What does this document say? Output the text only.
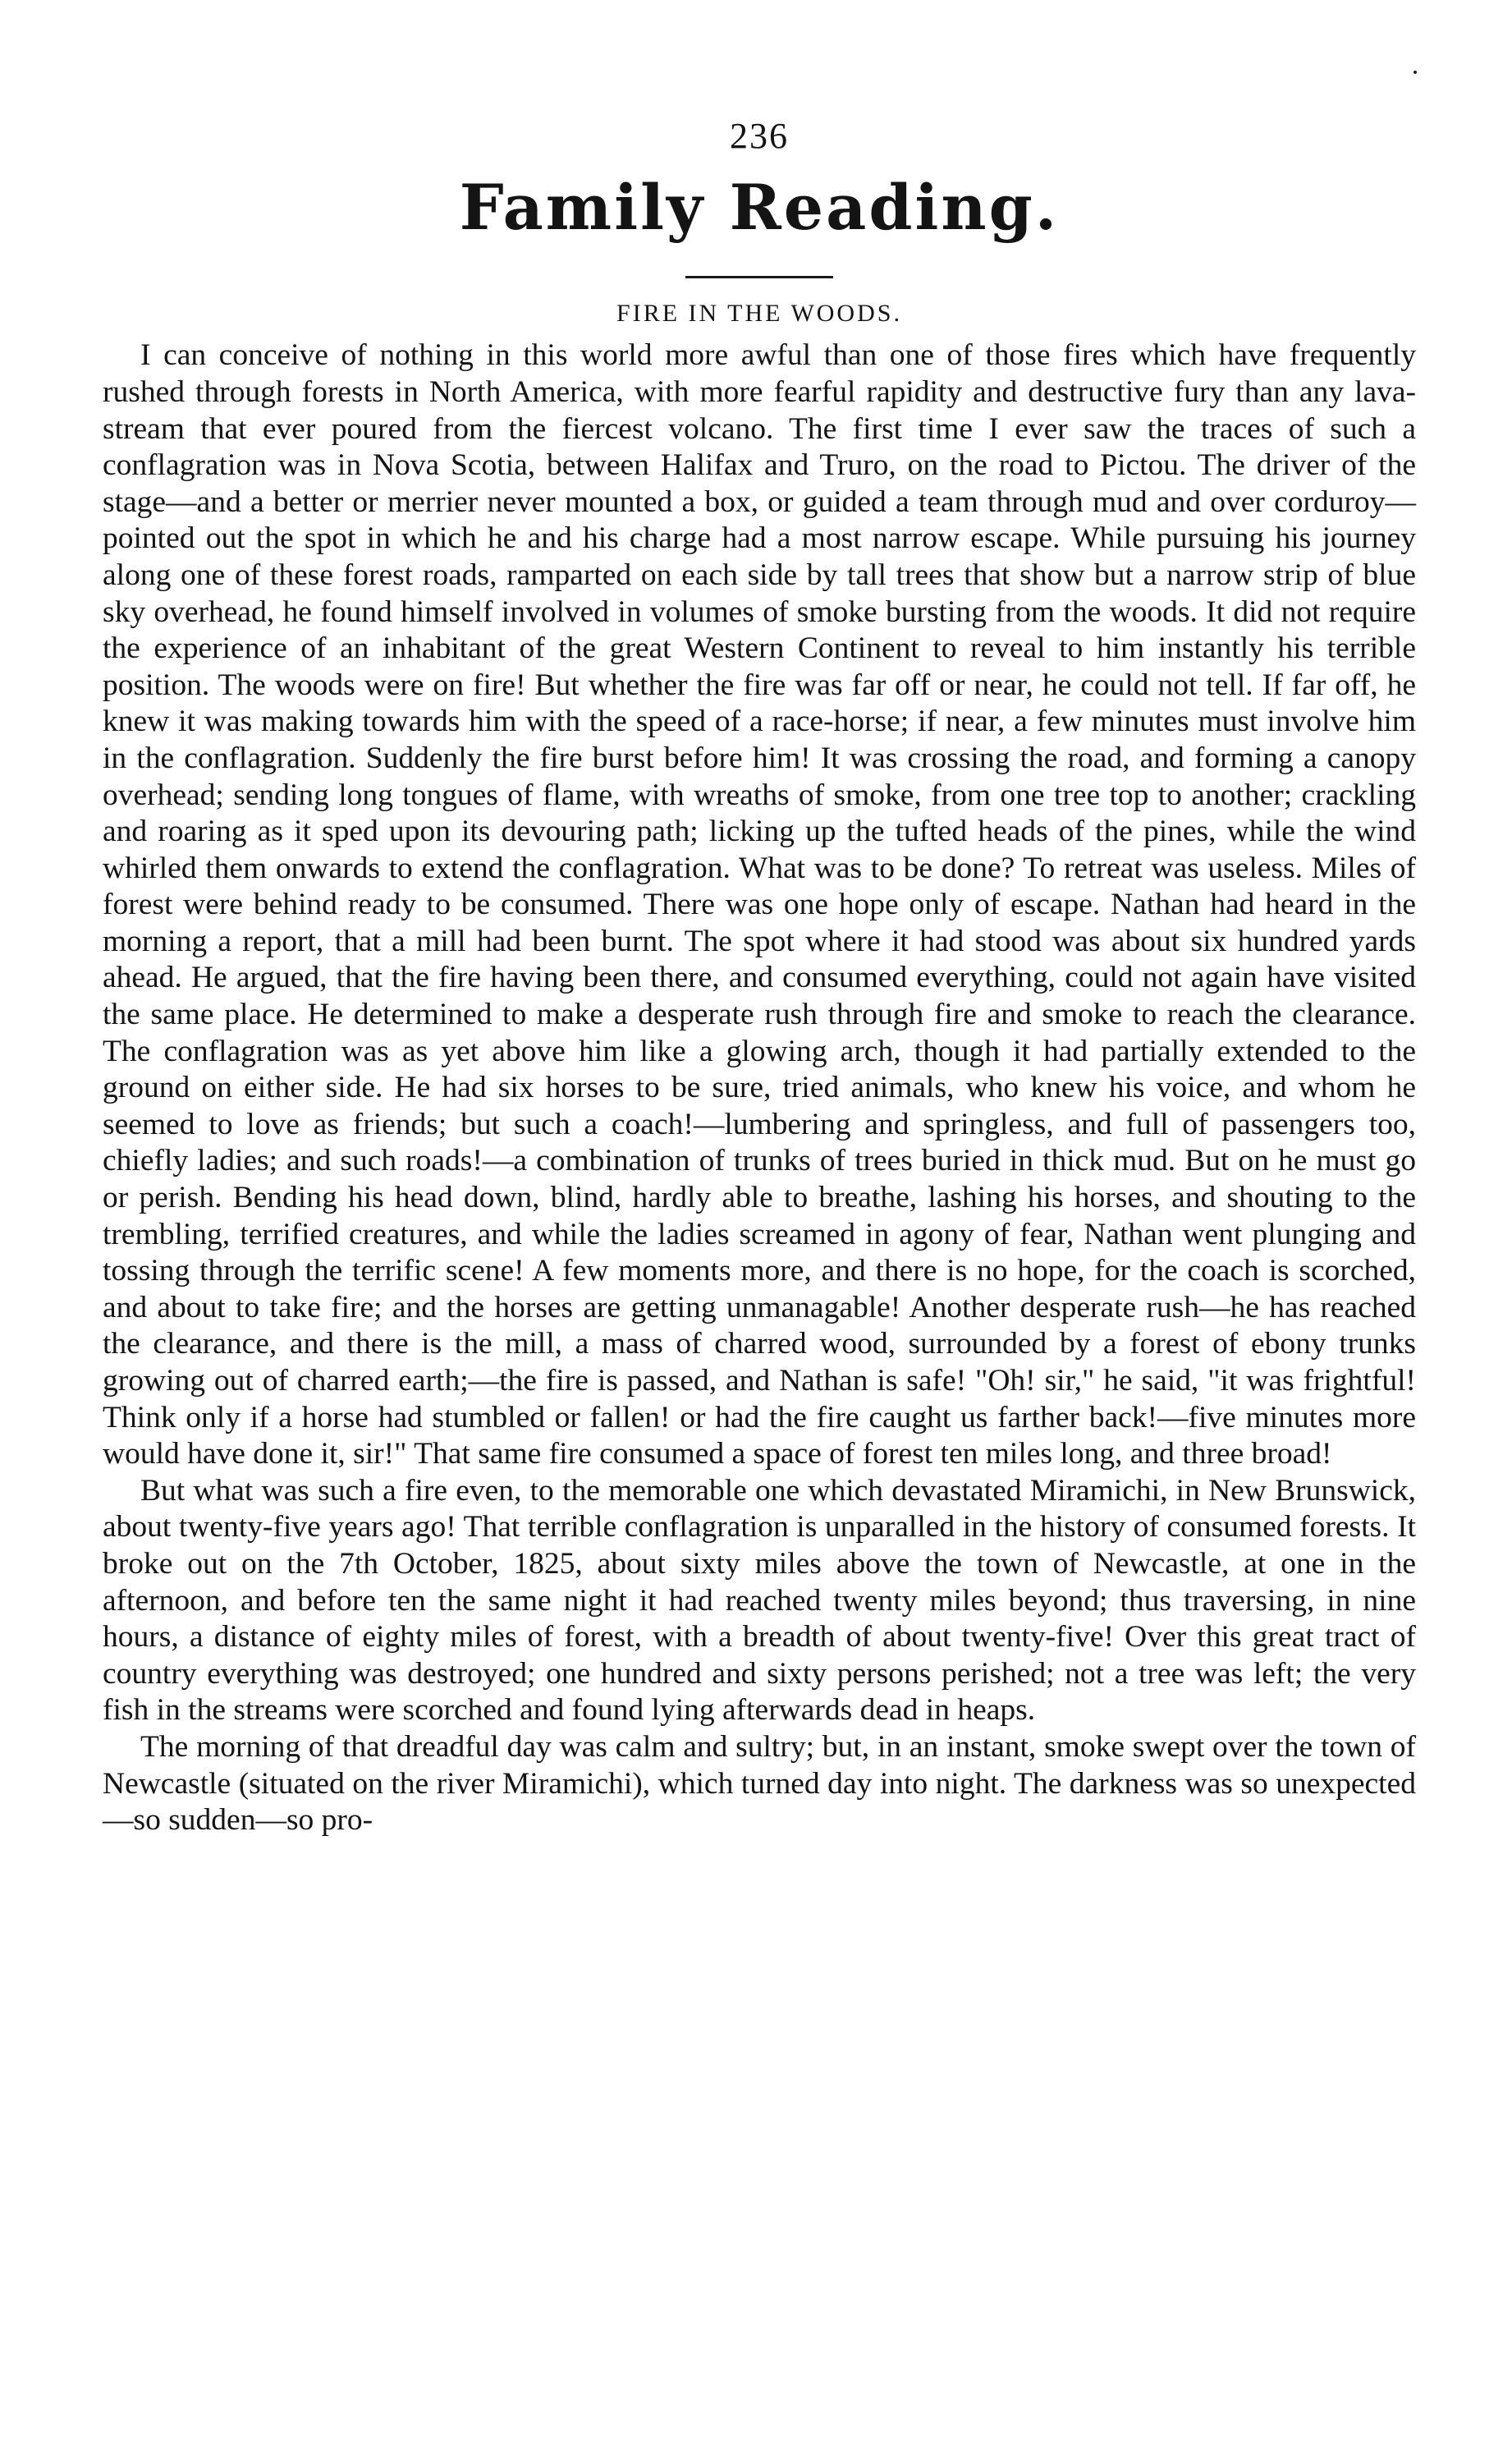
236
Family Reading.
FIRE IN THE WOODS.

I can conceive of nothing in this world more awful than one of those fires which have frequently rushed through forests in North America, with more fearful rapidity and destructive fury than any lava-stream that ever poured from the fiercest volcano. The first time I ever saw the traces of such a conflagration was in Nova Scotia, between Halifax and Truro, on the road to Pictou. The driver of the stage—and a better or merrier never mounted a box, or guided a team through mud and over corduroy—pointed out the spot in which he and his charge had a most narrow escape. While pursuing his journey along one of these forest roads, ramparted on each side by tall trees that show but a narrow strip of blue sky overhead, he found himself involved in volumes of smoke bursting from the woods. It did not require the experience of an inhabitant of the great Western Continent to reveal to him instantly his terrible position. The woods were on fire! But whether the fire was far off or near, he could not tell. If far off, he knew it was making towards him with the speed of a race-horse; if near, a few minutes must involve him in the conflagration. Suddenly the fire burst before him! It was crossing the road, and forming a canopy overhead; sending long tongues of flame, with wreaths of smoke, from one tree top to another; crackling and roaring as it sped upon its devouring path; licking up the tufted heads of the pines, while the wind whirled them onwards to extend the conflagration. What was to be done? To retreat was useless. Miles of forest were behind ready to be consumed. There was one hope only of escape. Nathan had heard in the morning a report, that a mill had been burnt. The spot where it had stood was about six hundred yards ahead. He argued, that the fire having been there, and consumed everything, could not again have visited the same place. He determined to make a desperate rush through fire and smoke to reach the clearance. The conflagration was as yet above him like a glowing arch, though it had partially extended to the ground on either side. He had six horses to be sure, tried animals, who knew his voice, and whom he seemed to love as friends; but such a coach!—lumbering and springless, and full of passengers too, chiefly ladies; and such roads!—a combination of trunks of trees buried in thick mud. But on he must go or perish. Bending his head down, blind, hardly able to breathe, lashing his horses, and shouting to the trembling, terrified creatures, and while the ladies screamed in agony of fear, Nathan went plunging and tossing through the terrific scene! A few moments more, and there is no hope, for the coach is scorched, and about to take fire; and the horses are getting unmanagable! Another desperate rush—he has reached the clearance, and there is the mill, a mass of charred wood, surrounded by a forest of ebony trunks growing out of charred earth;—the fire is passed, and Nathan is safe! "Oh! sir," he said, "it was frightful! Think only if a horse had stumbled or fallen! or had the fire caught us farther back!—five minutes more would have done it, sir!" That same fire consumed a space of forest ten miles long, and three broad!

But what was such a fire even, to the memorable one which devastated Miramichi, in New Brunswick, about twenty-five years ago! That terrible conflagration is unparalled in the history of consumed forests. It broke out on the 7th October, 1825, about sixty miles above the town of Newcastle, at one in the afternoon, and before ten the same night it had reached twenty miles beyond; thus traversing, in nine hours, a distance of eighty miles of forest, with a breadth of about twenty-five! Over this great tract of country everything was destroyed; one hundred and sixty persons perished; not a tree was left; the very fish in the streams were scorched and found lying afterwards dead in heaps.

The morning of that dreadful day was calm and sultry; but, in an instant, smoke swept over the town of Newcastle (situated on the river Miramichi), which turned day into night. The darkness was so unexpected—so sudden—so pro-
